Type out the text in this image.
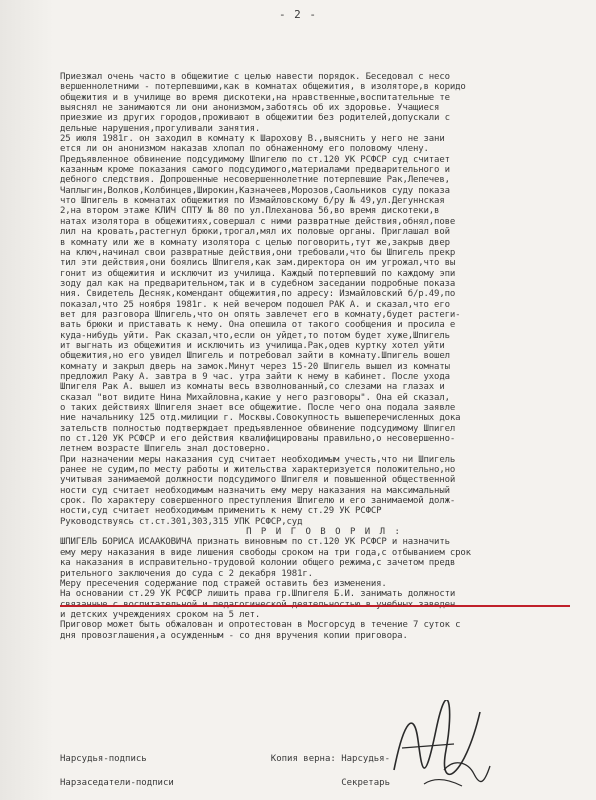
- 2 -

Приезжал очень часто в общежитие с целью навести порядок. Беседовал с несо

вершеннолетними - потерпевшими,как в комнатах общежития, в изоляторе,в коридо

общежития и в училище во время дискотеки,на нравственные,воспитательные те

выяснял не занимаются ли они анонизмом,заботясь об их здоровье. Учащиеся

приезжие из других городов,проживают в общежитии без родителей,допускали с

дельные нарушения,прогуливали занятия.

25 июля 1981г. он заходил в комнату к Шарохову В.,выяснить у него не зани

ется ли он анонизмом наказав хлопал по обнаженному его половому члену.

Предъявленное обвинение подсудимому Шпигелю по ст.120 УК РСФСР суд считает

казанным кроме показания самого подсудимого,материалами предварительного и

дебного следствия. Допрошенные несовершеннолетние потерпевшие Рак,Лепечев,

Чаплыгин,Волков,Колбинцев,Широкин,Казначеев,Морозов,Саольников суду показа

что Шпигель в комнатах общежития по Измайловскому б/ру № 49,ул.Дегуннская

2,на втором этаже КЛИЧ СПТУ № 80 по ул.Плеханова 56,во время дискотеки,в

натах изолятора в общежитиях,совершал с ними развратные действия,обнял,пове

лил на кровать,растегнул брюки,трогал,мял их половые органы. Приглашал вой

в комнату или же в комнату изолятора с целью поговорить,тут же,закрыв двер

на ключ,начинал свои развратные действия,они требовали,что бы Шпигель прекр

тил эти действия,они боялись Шпигеля,как зам.директора он им угрожал,что вы

гонит из общежития и исключит из училища. Каждый потерпевший по каждому эпи

зоду дал как на предварительном,так и в судебном заседании подробные показа

ния. Свидетель Десняк,комендант общежития,по адресу: Измайловский б/р.49,по

показал,что 25 ноября 1981г. к ней вечером подошел РАК А. и сказал,что его

вет для разговора Шпигель,что он опять завлечет его в комнату,будет растеги-

вать брюки и приставать к нему. Она опешила от такого сообщения и просила е

куда-нибудь уйти. Рак сказал,что,если он уйдет,то потом будет хуже,Шпигель

ит выгнать из общежития и исключить из училища.Рак,одев куртку хотел уйти

общежития,но его увидел Шпигель и потребовал зайти в комнату.Шпигель вошел

комнату и закрыл дверь на замок.Минут через 15-20 Шпигель вышел из комнаты

предложил Раку А. завтра в 9 час. утра зайти к нему в кабинет. После ухода

Шпигеля Рак А. вышел из комнаты весь взволнованный,со слезами на глазах и

сказал "вот видите Нина Михайловна,какие у него разговоры". Она ей сказал,

о таких действиях Шпигеля знает все общежитие. После чего она подала заявле

ние начальнику 125 отд.милиции г. Москвы.Совокупность вышеперечисленных дока

зательств полностью подтверждает предъявленное обвинение подсудимому Шпигел

по ст.120 УК РСФСР и его действия квалифицированы правильно,о несовершенно-

летнем возрасте Шпигель знал достоверно.

При назначении меры наказания суд считает необходимым учесть,что ни Шпигель

ранее не судим,по месту работы и жительства характеризуется положительно,но

учитывая занимаемой должности подсудимого Шпигеля и повышенной общественной

ности суд считает необходимым назначить ему меру наказания на максимальный

срок. По характеру совершенного преступления Шпигелю и его занимаемой долж-

ности,суд считает необходимым применить к нему ст.29 УК РСФСР

Руководствуясь ст.ст.301,303,315 УПК РСФСР,суд

П Р И Г О В О Р И Л :

ШПИГЕЛЬ БОРИСА ИСААКОВИЧА признать виновным по ст.120 УК РСФСР и назначить

ему меру наказания в виде лишения свободы сроком на три года,с отбыванием срок

ка наказания в исправительно-трудовой колонии общего режима,с зачетом предв

рительного заключения до суда с 2 декабря 1981г.

Меру пресечения содержание под стражей оставить без изменения.

На основании ст.29 УК РСФСР лишить права гр.Шпигеля Б.И. занимать должности

и детских учреждениях сроком на 5 лет.

Приговор может быть обжалован и опротестован в Мосгорсуд в течение 7 суток с

дня провозглашения,а осужденным - со дня вручения копии приговора.

Нарсудья-подпись	Копия верна: Нарсудья-
Нарзаседатели-подписи	Секретарь
